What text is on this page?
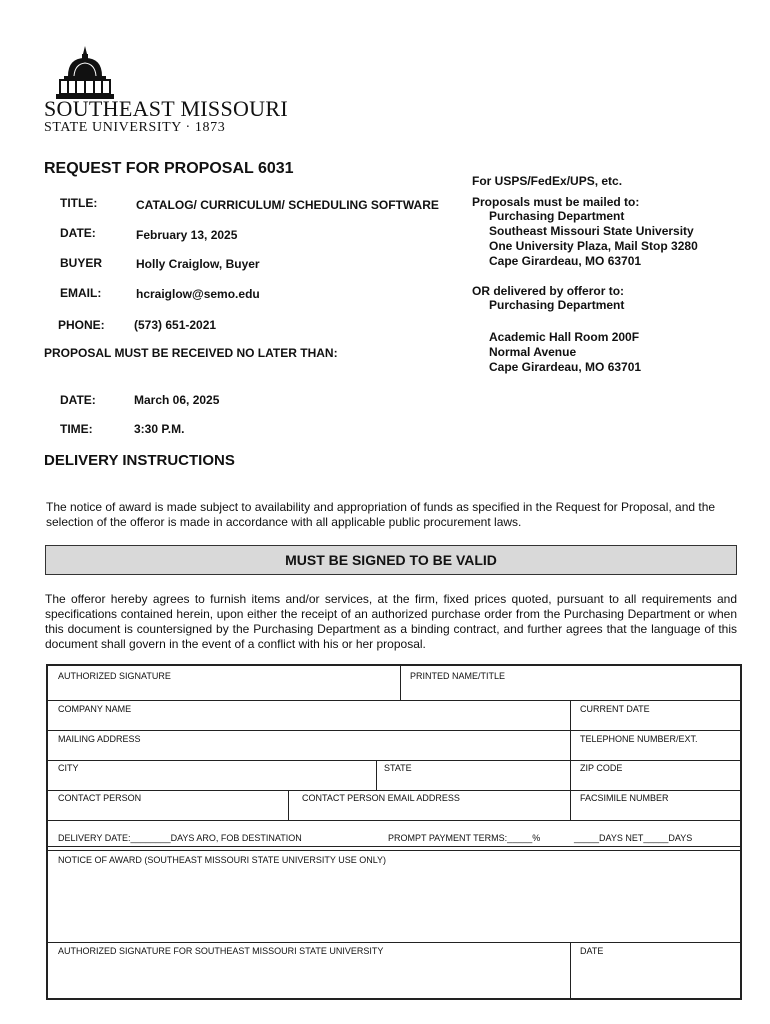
SOUTHEAST MISSOURI
STATE UNIVERSITY · 1873
REQUEST FOR PROPOSAL 6031
TITLE:	CATALOG/ CURRICULUM/ SCHEDULING SOFTWARE
DATE:	February 13, 2025
BUYER	Holly Craiglow, Buyer
EMAIL:	hcraiglow@semo.edu
PHONE: (573) 651-2021
PROPOSAL MUST BE RECEIVED NO LATER THAN:
DATE:	March 06, 2025
TIME:	3:30 P.M.
For USPS/FedEx/UPS, etc.
Proposals must be mailed to:
Purchasing Department
Southeast Missouri State University
One University Plaza, Mail Stop 3280
Cape Girardeau, MO 63701
OR delivered by offeror to:
Purchasing Department
Academic Hall Room 200F
Normal Avenue
Cape Girardeau, MO 63701
DELIVERY INSTRUCTIONS
The notice of award is made subject to availability and appropriation of funds as specified in the Request for Proposal, and the selection of the offeror is made in accordance with all applicable public procurement laws.
MUST BE SIGNED TO BE VALID
The offeror hereby agrees to furnish items and/or services, at the firm, fixed prices quoted, pursuant to all requirements and specifications contained herein, upon either the receipt of an authorized purchase order from the Purchasing Department or when this document is countersigned by the Purchasing Department as a binding contract, and further agrees that the language of this document shall govern in the event of a conflict with his or her proposal.
AUTHORIZED SIGNATURE	PRINTED NAME/TITLE
COMPANY NAME	CURRENT DATE
MAILING ADDRESS	TELEPHONE NUMBER/EXT.
CITY	STATE	ZIP CODE
CONTACT PERSON	CONTACT PERSON EMAIL ADDRESS	FACSIMILE NUMBER
DELIVERY DATE:________DAYS ARO, FOB DESTINATION	PROMPT PAYMENT TERMS:_____%	_____DAYS NET_____DAYS
NOTICE OF AWARD (SOUTHEAST MISSOURI STATE UNIVERSITY USE ONLY)
AUTHORIZED SIGNATURE FOR SOUTHEAST MISSOURI STATE UNIVERSITY	DATE
